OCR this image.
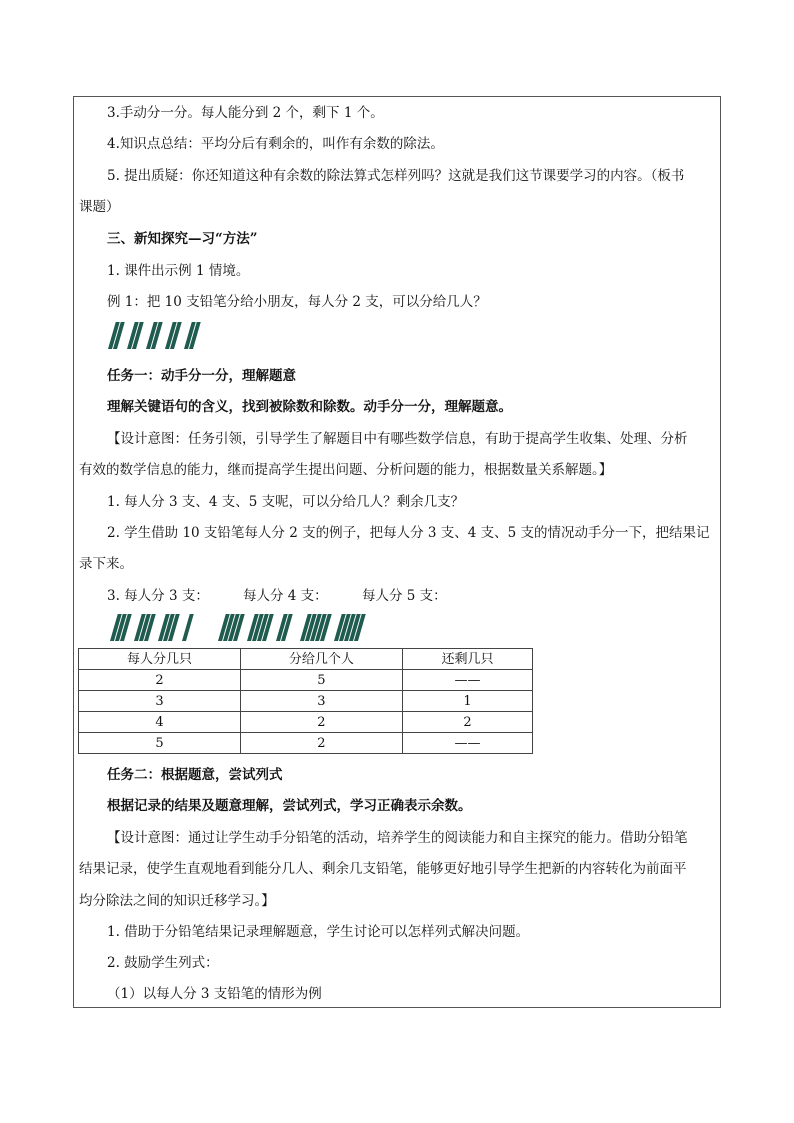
3.手动分一分。每人能分到 2 个，剩下 1 个。
4.知识点总结：平均分后有剩余的，叫作有余数的除法。
5. 提出质疑：你还知道这种有余数的除法算式怎样列吗？这就是我们这节课要学习的内容。（板书
课题）
三、新知探究—习“方法”
1. 课件出示例 1 情境。
例 1：把 10 支铅笔分给小朋友，每人分 2 支，可以分给几人？
任务一：动手分一分，理解题意
理解关键语句的含义，找到被除数和除数。动手分一分，理解题意。
【设计意图：任务引领，引导学生了解题目中有哪些数学信息，有助于提高学生收集、处理、分析
有效的数学信息的能力，继而提高学生提出问题、分析问题的能力，根据数量关系解题。】
1. 每人分 3 支、4 支、5 支呢，可以分给几人？剩余几支？
2. 学生借助 10 支铅笔每人分 2 支的例子，把每人分 3 支、4 支、5 支的情况动手分一下，把结果记
录下来。
3. 每人分 3 支：	每人分 4 支：	每人分 5 支：
每人分几只	分给几个人	还剩几只
2	5	——
3	3	1
4	2	2
5	2	——
任务二：根据题意，尝试列式
根据记录的结果及题意理解，尝试列式，学习正确表示余数。
【设计意图：通过让学生动手分铅笔的活动，培养学生的阅读能力和自主探究的能力。借助分铅笔
结果记录，使学生直观地看到能分几人、剩余几支铅笔，能够更好地引导学生把新的内容转化为前面平
均分除法之间的知识迁移学习。】
1. 借助于分铅笔结果记录理解题意，学生讨论可以怎样列式解决问题。
2. 鼓励学生列式：
（1）以每人分 3 支铅笔的情形为例
